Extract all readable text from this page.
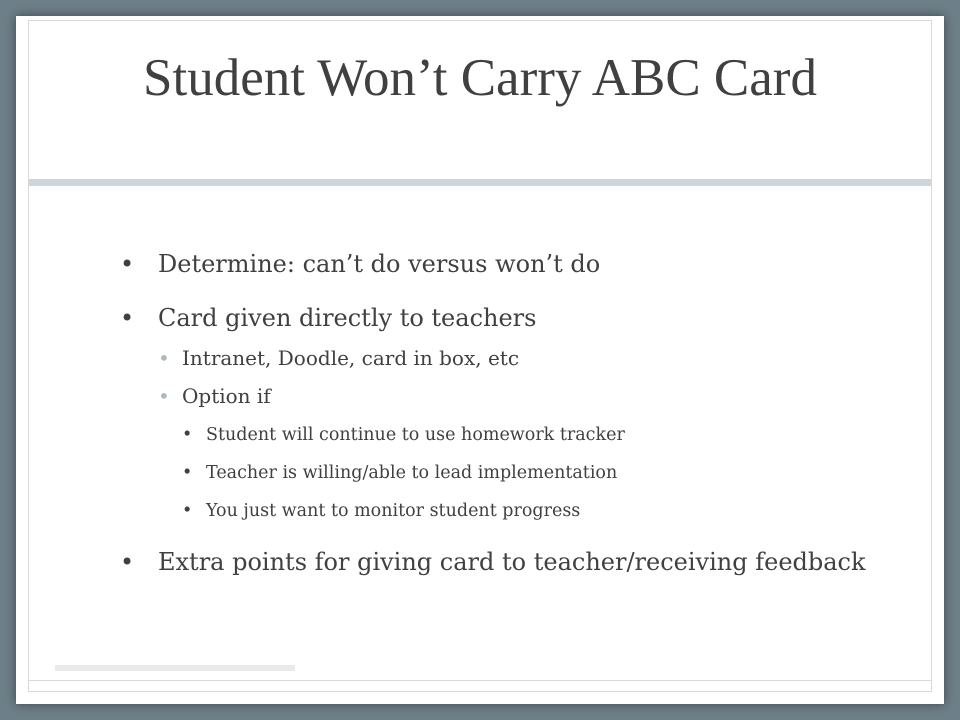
Student Won’t Carry ABC Card
• Determine: can’t do versus won’t do
• Card given directly to teachers
• Intranet, Doodle, card in box, etc
• Option if
• Student will continue to use homework tracker
• Teacher is willing/able to lead implementation
• You just want to monitor student progress
• Extra points for giving card to teacher/receiving feedback
